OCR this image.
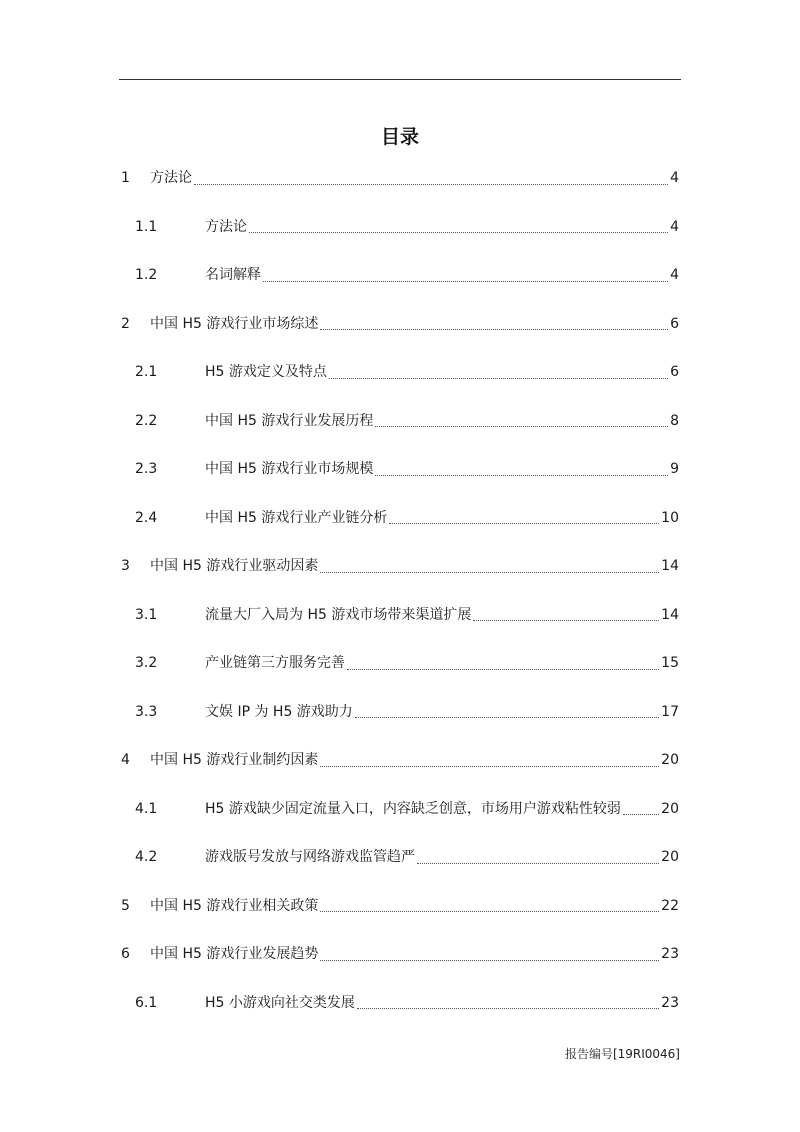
目录
1	方法论	4
1.1	方法论	4
1.2	名词解释	4
2	中国 H5 游戏行业市场综述	6
2.1	H5 游戏定义及特点	6
2.2	中国 H5 游戏行业发展历程	8
2.3	中国 H5 游戏行业市场规模	9
2.4	中国 H5 游戏行业产业链分析	10
3	中国 H5 游戏行业驱动因素	14
3.1	流量大厂入局为 H5 游戏市场带来渠道扩展	14
3.2	产业链第三方服务完善	15
3.3	文娱 IP 为 H5 游戏助力	17
4	中国 H5 游戏行业制约因素	20
4.1	H5 游戏缺少固定流量入口，内容缺乏创意，市场用户游戏粘性较弱	20
4.2	游戏版号发放与网络游戏监管趋严	20
5	中国 H5 游戏行业相关政策	22
6	中国 H5 游戏行业发展趋势	23
6.1	H5 小游戏向社交类发展	23
报告编号[19RI0046]
